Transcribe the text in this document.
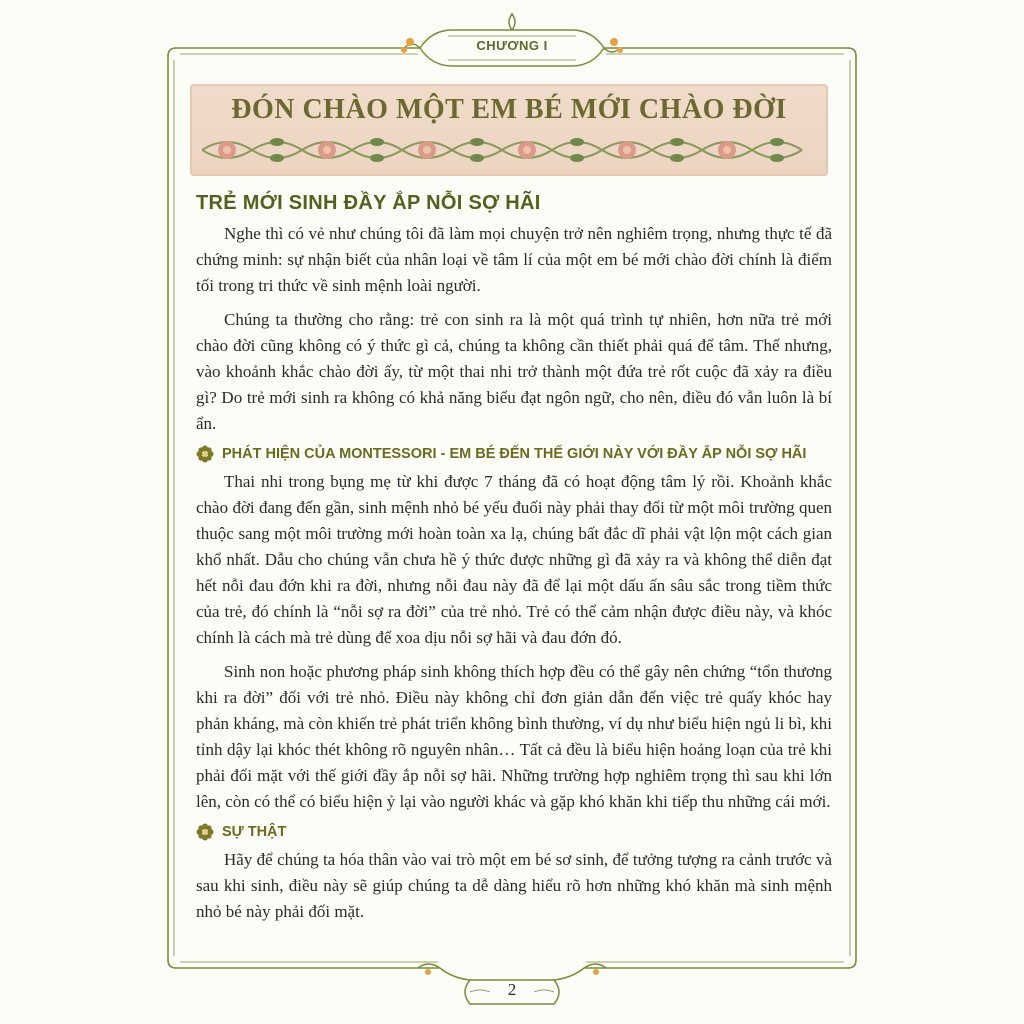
CHƯƠNG I
ĐÓN CHÀO MỘT EM BÉ MỚI CHÀO ĐỜI
TRẺ MỚI SINH ĐẦY ẮP NỖI SỢ HÃI

Nghe thì có vẻ như chúng tôi đã làm mọi chuyện trở nên nghiêm trọng, nhưng thực tế đã chứng minh: sự nhận biết của nhân loại về tâm lí của một em bé mới chào đời chính là điểm tối trong tri thức về sinh mệnh loài người.

Chúng ta thường cho rằng: trẻ con sinh ra là một quá trình tự nhiên, hơn nữa trẻ mới chào đời cũng không có ý thức gì cả, chúng ta không cần thiết phải quá để tâm. Thế nhưng, vào khoảnh khắc chào đời ấy, từ một thai nhi trở thành một đứa trẻ rốt cuộc đã xảy ra điều gì? Do trẻ mới sinh ra không có khả năng biểu đạt ngôn ngữ, cho nên, điều đó vẫn luôn là bí ẩn.

PHÁT HIỆN CỦA MONTESSORI - EM BÉ ĐẾN THẾ GIỚI NÀY VỚI ĐẦY ẮP NỖI SỢ HÃI

Thai nhi trong bụng mẹ từ khi được 7 tháng đã có hoạt động tâm lý rồi. Khoảnh khắc chào đời đang đến gần, sinh mệnh nhỏ bé yếu đuối này phải thay đổi từ một môi trường quen thuộc sang một môi trường mới hoàn toàn xa lạ, chúng bất đắc dĩ phải vật lộn một cách gian khổ nhất. Dẫu cho chúng vẫn chưa hề ý thức được những gì đã xảy ra và không thể diễn đạt hết nỗi đau đớn khi ra đời, nhưng nỗi đau này đã để lại một dấu ấn sâu sắc trong tiềm thức của trẻ, đó chính là “nỗi sợ ra đời” của trẻ nhỏ. Trẻ có thể cảm nhận được điều này, và khóc chính là cách mà trẻ dùng để xoa dịu nỗi sợ hãi và đau đớn đó.

Sinh non hoặc phương pháp sinh không thích hợp đều có thể gây nên chứng “tổn thương khi ra đời” đối với trẻ nhỏ. Điều này không chỉ đơn giản dẫn đến việc trẻ quấy khóc hay phản kháng, mà còn khiến trẻ phát triển không bình thường, ví dụ như biểu hiện ngủ li bì, khi tỉnh dậy lại khóc thét không rõ nguyên nhân… Tất cả đều là biểu hiện hoảng loạn của trẻ khi phải đối mặt với thế giới đầy ắp nỗi sợ hãi. Những trường hợp nghiêm trọng thì sau khi lớn lên, còn có thể có biểu hiện ỷ lại vào người khác và gặp khó khăn khi tiếp thu những cái mới.

SỰ THẬT

Hãy để chúng ta hóa thân vào vai trò một em bé sơ sinh, để tưởng tượng ra cảnh trước và sau khi sinh, điều này sẽ giúp chúng ta dễ dàng hiểu rõ hơn những khó khăn mà sinh mệnh nhỏ bé này phải đối mặt.

2
